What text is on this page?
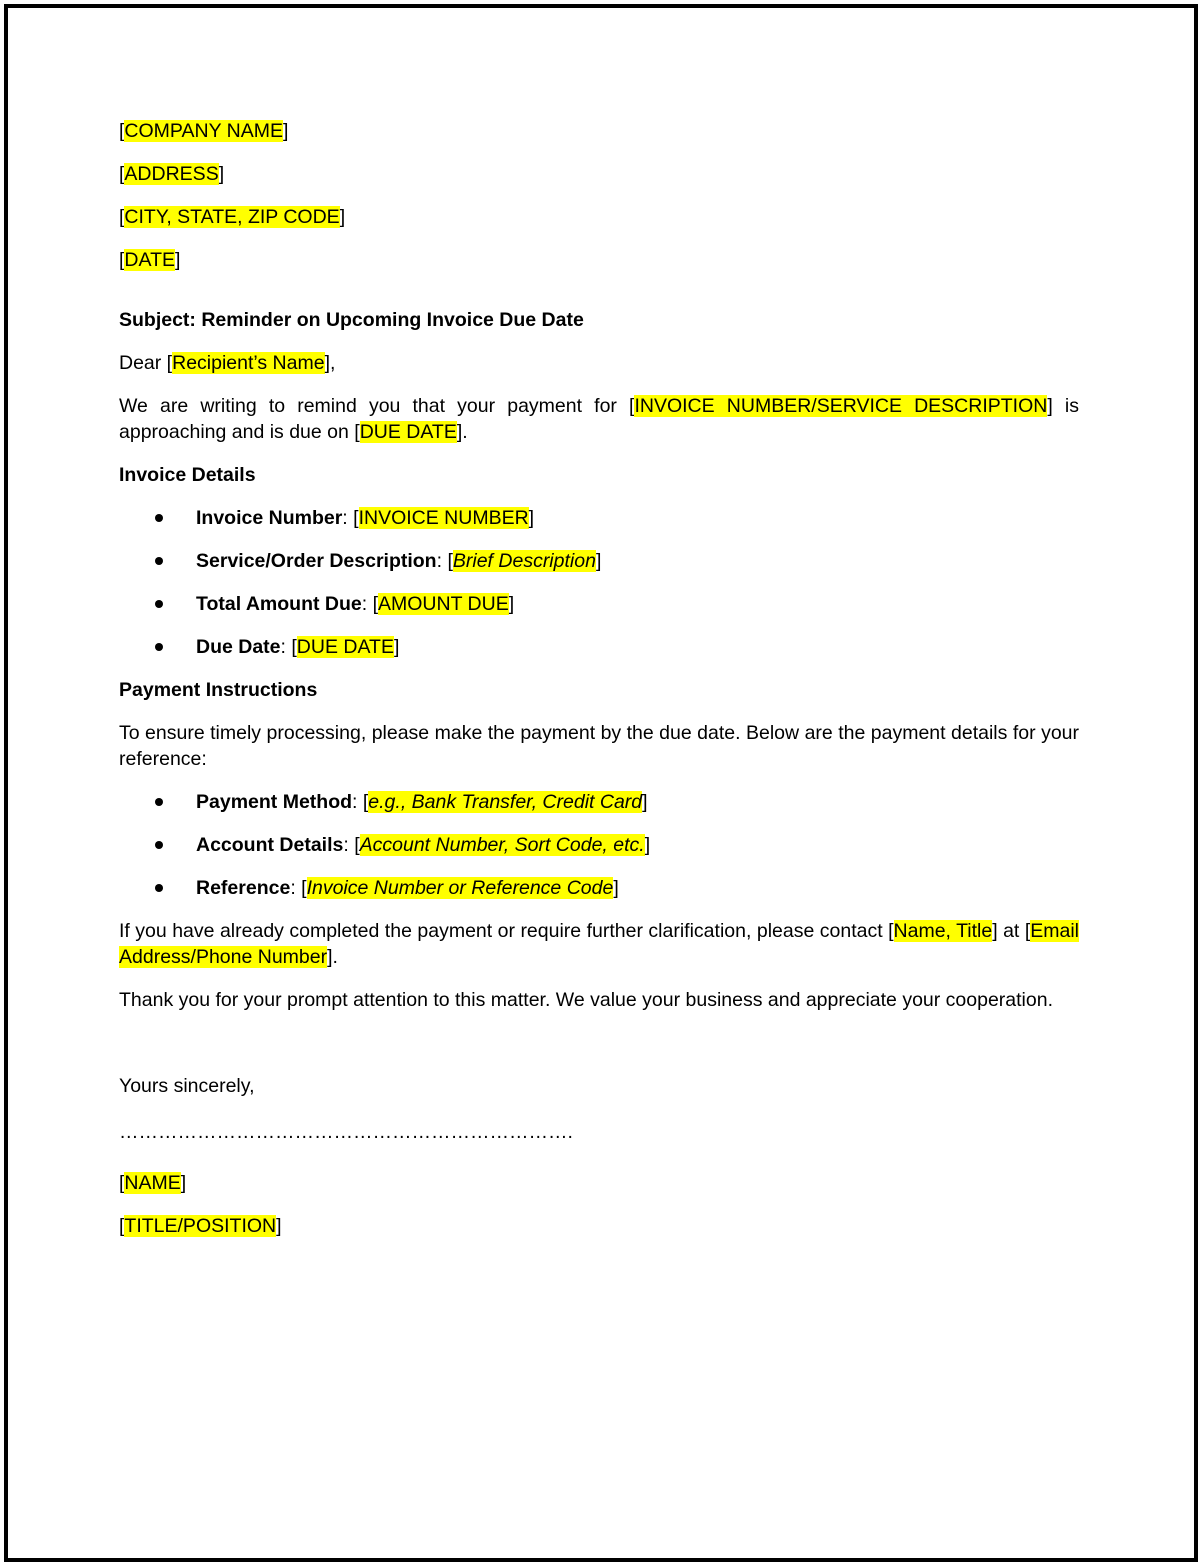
[COMPANY NAME]

[ADDRESS]

[CITY, STATE, ZIP CODE]

[DATE]

Subject: Reminder on Upcoming Invoice Due Date

Dear [Recipient’s Name],

We are writing to remind you that your payment for [INVOICE NUMBER/SERVICE DESCRIPTION] is approaching and is due on [DUE DATE].

Invoice Details

Invoice Number: [INVOICE NUMBER]
Service/Order Description: [Brief Description]
Total Amount Due: [AMOUNT DUE]
Due Date: [DUE DATE]

Payment Instructions

To ensure timely processing, please make the payment by the due date. Below are the payment details for your reference:

Payment Method: [e.g., Bank Transfer, Credit Card]
Account Details: [Account Number, Sort Code, etc.]
Reference: [Invoice Number or Reference Code]

If you have already completed the payment or require further clarification, please contact [Name, Title] at [Email Address/Phone Number].

Thank you for your prompt attention to this matter. We value your business and appreciate your cooperation.

Yours sincerely,

…………………………………………………………….

[NAME]

[TITLE/POSITION]
